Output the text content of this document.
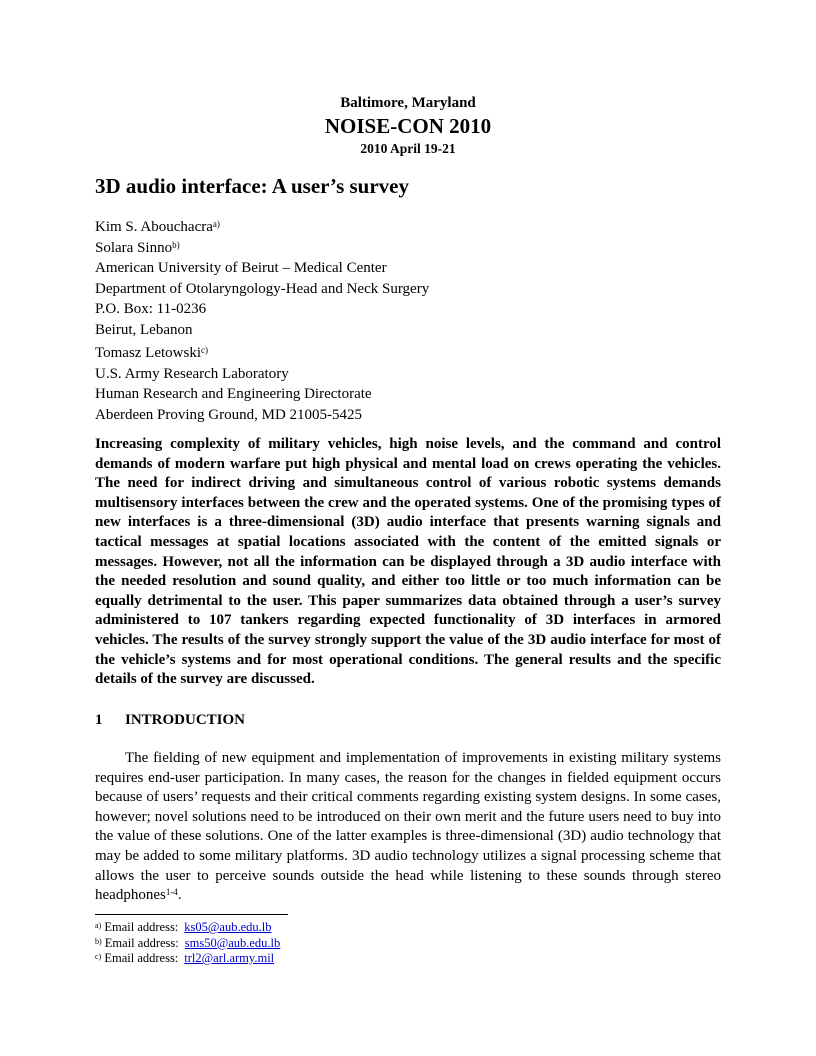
Baltimore, Maryland
NOISE-CON 2010
2010 April 19-21
3D audio interface: A user’s survey
Kim S. Abouchacra$^{a)}$
Solara Sinno$^{b)}$
American University of Beirut – Medical Center
Department of Otolaryngology-Head and Neck Surgery
P.O. Box: 11-0236
Beirut, Lebanon
Tomasz Letowski$^{c)}$
U.S. Army Research Laboratory
Human Research and Engineering Directorate
Aberdeen Proving Ground, MD 21005-5425
Increasing complexity of military vehicles, high noise levels, and the command and control demands of modern warfare put high physical and mental load on crews operating the vehicles. The need for indirect driving and simultaneous control of various robotic systems demands multisensory interfaces between the crew and the operated systems. One of the promising types of new interfaces is a three-dimensional (3D) audio interface that presents warning signals and tactical messages at spatial locations associated with the content of the emitted signals or messages. However, not all the information can be displayed through a 3D audio interface with the needed resolution and sound quality, and either too little or too much information can be equally detrimental to the user. This paper summarizes data obtained through a user’s survey administered to 107 tankers regarding expected functionality of 3D interfaces in armored vehicles. The results of the survey strongly support the value of the 3D audio interface for most of the vehicle’s systems and for most operational conditions. The general results and the specific details of the survey are discussed.
1 INTRODUCTION
The fielding of new equipment and implementation of improvements in existing military systems requires end-user participation. In many cases, the reason for the changes in fielded equipment occurs because of users’ requests and their critical comments regarding existing system designs. In some cases, however; novel solutions need to be introduced on their own merit and the future users need to buy into the value of these solutions. One of the latter examples is three-dimensional (3D) audio technology that may be added to some military platforms. 3D audio technology utilizes a signal processing scheme that allows the user to perceive sounds outside the head while listening to these sounds through stereo headphones$^{1-4}$.
$^{a)}$ Email address: ks05@aub.edu.lb
$^{b)}$ Email address: sms50@aub.edu.lb
$^{c)}$ Email address: trl2@arl.army.mil
